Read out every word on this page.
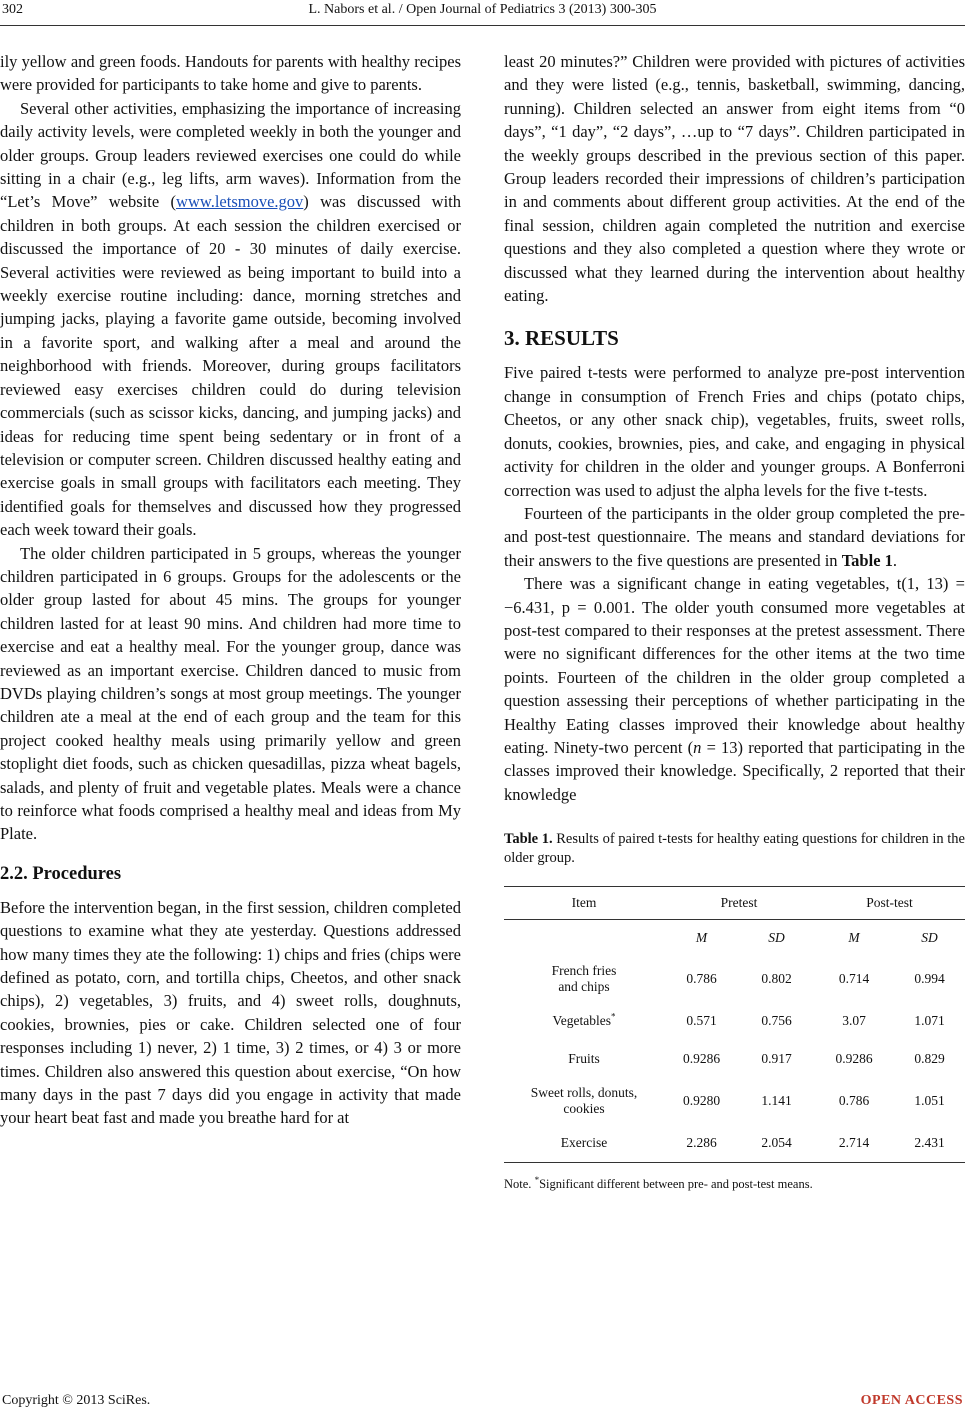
302	L. Nabors et al. / Open Journal of Pediatrics 3 (2013) 300-305

ily yellow and green foods. Handouts for parents with healthy recipes were provided for participants to take home and give to parents.

Several other activities, emphasizing the importance of increasing daily activity levels, were completed weekly in both the younger and older groups. Group leaders reviewed exercises one could do while sitting in a chair (e.g., leg lifts, arm waves). Information from the “Let’s Move” website (www.letsmove.gov) was discussed with children in both groups. At each session the children exercised or discussed the importance of 20 - 30 minutes of daily exercise. Several activities were reviewed as being important to build into a weekly exercise routine including: dance, morning stretches and jumping jacks, playing a favorite game outside, becoming involved in a favorite sport, and walking after a meal and around the neighborhood with friends. Moreover, during groups facilitators reviewed easy exercises children could do during television commercials (such as scissor kicks, dancing, and jumping jacks) and ideas for reducing time spent being sedentary or in front of a television or computer screen. Children discussed healthy eating and exercise goals in small groups with facilitators each meeting. They identified goals for themselves and discussed how they progressed each week toward their goals.

The older children participated in 5 groups, whereas the younger children participated in 6 groups. Groups for the adolescents or the older group lasted for about 45 mins. The groups for younger children lasted for at least 90 mins. And children had more time to exercise and eat a healthy meal. For the younger group, dance was reviewed as an important exercise. Children danced to music from DVDs playing children’s songs at most group meetings. The younger children ate a meal at the end of each group and the team for this project cooked healthy meals using primarily yellow and green stoplight diet foods, such as chicken quesadillas, pizza wheat bagels, salads, and plenty of fruit and vegetable plates. Meals were a chance to reinforce what foods comprised a healthy meal and ideas from My Plate.

2.2. Procedures

Before the intervention began, in the first session, children completed questions to examine what they ate yesterday. Questions addressed how many times they ate the following: 1) chips and fries (chips were defined as potato, corn, and tortilla chips, Cheetos, and other snack chips), 2) vegetables, 3) fruits, and 4) sweet rolls, doughnuts, cookies, brownies, pies or cake. Children selected one of four responses including 1) never, 2) 1 time, 3) 2 times, or 4) 3 or more times. Children also answered this question about exercise, “On how many days in the past 7 days did you engage in activity that made your heart beat fast and made you breathe hard for at

least 20 minutes?” Children were provided with pictures of activities and they were listed (e.g., tennis, basketball, swimming, dancing, running). Children selected an answer from eight items from “0 days”, “1 day”, “2 days”, …up to “7 days”. Children participated in the weekly groups described in the previous section of this paper. Group leaders recorded their impressions of children’s participation in and comments about different group activities. At the end of the final session, children again completed the nutrition and exercise questions and they also completed a question where they wrote or discussed what they learned during the intervention about healthy eating.

3. RESULTS

Five paired t-tests were performed to analyze pre-post intervention change in consumption of French Fries and chips (potato chips, Cheetos, or any other snack chip), vegetables, fruits, sweet rolls, donuts, cookies, brownies, pies, and cake, and engaging in physical activity for children in the older and younger groups. A Bonferroni correction was used to adjust the alpha levels for the five t-tests.

Fourteen of the participants in the older group completed the pre- and post-test questionnaire. The means and standard deviations for their answers to the five questions are presented in Table 1.

There was a significant change in eating vegetables, t(1, 13) = −6.431, p = 0.001. The older youth consumed more vegetables at post-test compared to their responses at the pretest assessment. There were no significant differences for the other items at the two time points. Fourteen of the children in the older group completed a question assessing their perceptions of whether participating in the Healthy Eating classes improved their knowledge about healthy eating. Ninety-two percent (n = 13) reported that participating in the classes improved their knowledge. Specifically, 2 reported that their knowledge

Table 1. Results of paired t-tests for healthy eating questions for children in the older group.
Item	Pretest		Post-test	
	M	SD	M	SD
French fries
and chips	0.786	0.802	0.714	0.994
Vegetables*	0.571	0.756	3.07	1.071
Fruits	0.9286	0.917	0.9286	0.829
Sweet rolls, donuts,
cookies	0.9280	1.141	0.786	1.051
Exercise	2.286	2.054	2.714	2.431
Note. *Significant different between pre- and post-test means.
Copyright © 2013 SciRes.	OPEN ACCESS
